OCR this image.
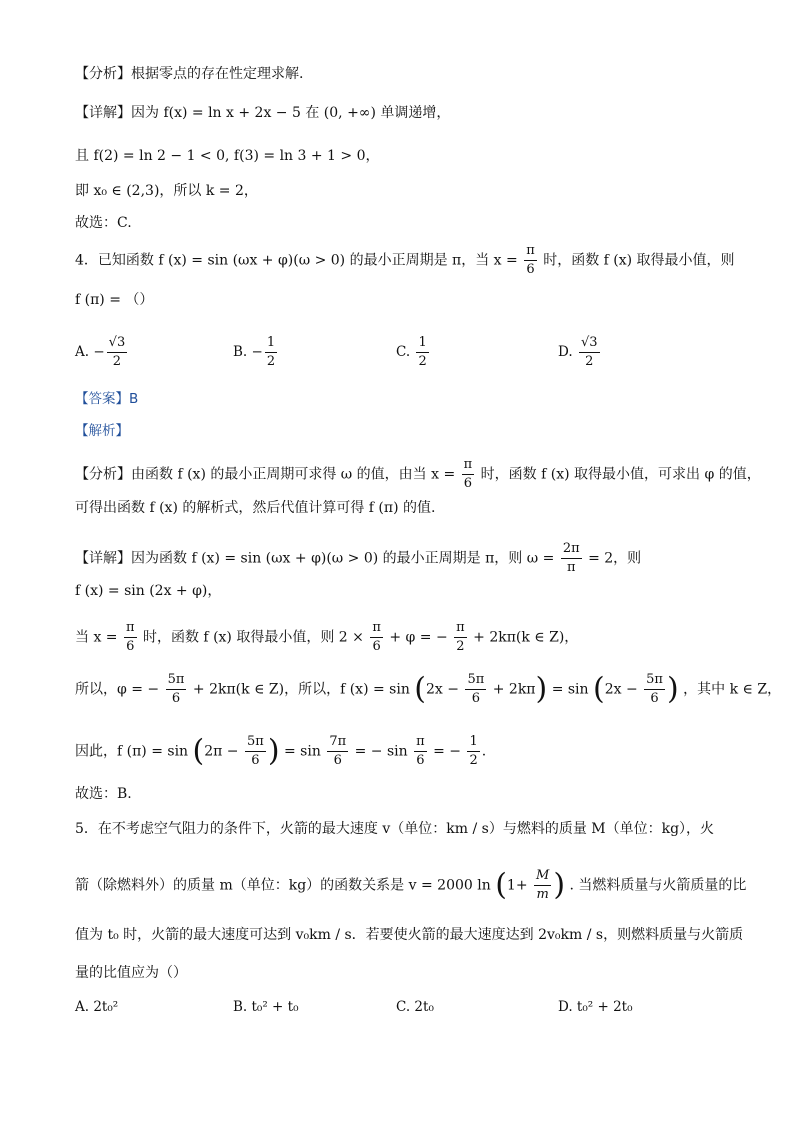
【分析】根据零点的存在性定理求解.
【详解】因为 f(x) = ln x + 2x − 5 在 (0, +∞) 单调递增，
且 f(2) = ln 2 − 1 < 0, f(3) = ln 3 + 1 > 0，
即 x₀ ∈ (2,3)，所以 k = 2，
故选：C.
4．已知函数 f (x) = sin (ωx + φ)(ω > 0) 的最小正周期是 π，当 $x = \frac{\pi}{6}$ 时，函数 f (x) 取得最小值，则
f (π) = （）
A. − $\frac{√3}{2}$	B. − $\frac{1}{2}$	C. $\frac{1}{2}$	D. $\frac{√3}{2}$
【答案】B
【解析】
【分析】由函数 f (x) 的最小正周期可求得 ω 的值，由当 $x = \frac{\pi}{6}$ 时，函数 f (x) 取得最小值，可求出 φ 的值，
可得出函数 f (x) 的解析式，然后代值计算可得 f (π) 的值.
【详解】因为函数 f (x) = sin (ωx + φ)(ω > 0) 的最小正周期是 π，则 $\omega = \frac{2\pi}{\pi} = 2$，则
f (x) = sin (2x + φ)，
当 $x = \frac{\pi}{6}$ 时，函数 f (x) 取得最小值，则 $2 \times \frac{\pi}{6} + \varphi$ = − $\frac{\pi}{2} + 2k\pi(k$ ∈ Z)，
所以，φ = − $\frac{5\pi}{6} + 2k\pi(k$ ∈ Z)，所以，f $(x) = \sin (2x - \frac{5\pi}{6} + 2k\pi) = \sin (2x - \frac{5\pi}{6}$ ) ，其中 k ∈ Z，
因此，f $(\pi) = \sin (2\pi - \frac{5\pi}{6}$ ) = $\sin \frac{7\pi}{6}$ = − $\sin \frac{\pi}{6}$ = − $\frac{1}{2}$ .
故选：B.
5．在不考虑空气阻力的条件下，火箭的最大速度 v（单位：km / s）与燃料的质量 M（单位：kg），火
箭（除燃料外）的质量 m（单位：kg）的函数关系是 v = 2000 $\ln (1+ \frac{M}{m}$ ) . 当燃料质量与火箭质量的比
值为 t₀ 时，火箭的最大速度可达到 v₀km / s．若要使火箭的最大速度达到 2v₀km / s，则燃料质量与火箭质
量的比值应为（）
A. 2t₀²	B. t₀² + t₀	C. 2t₀	D. t₀² + 2t₀
